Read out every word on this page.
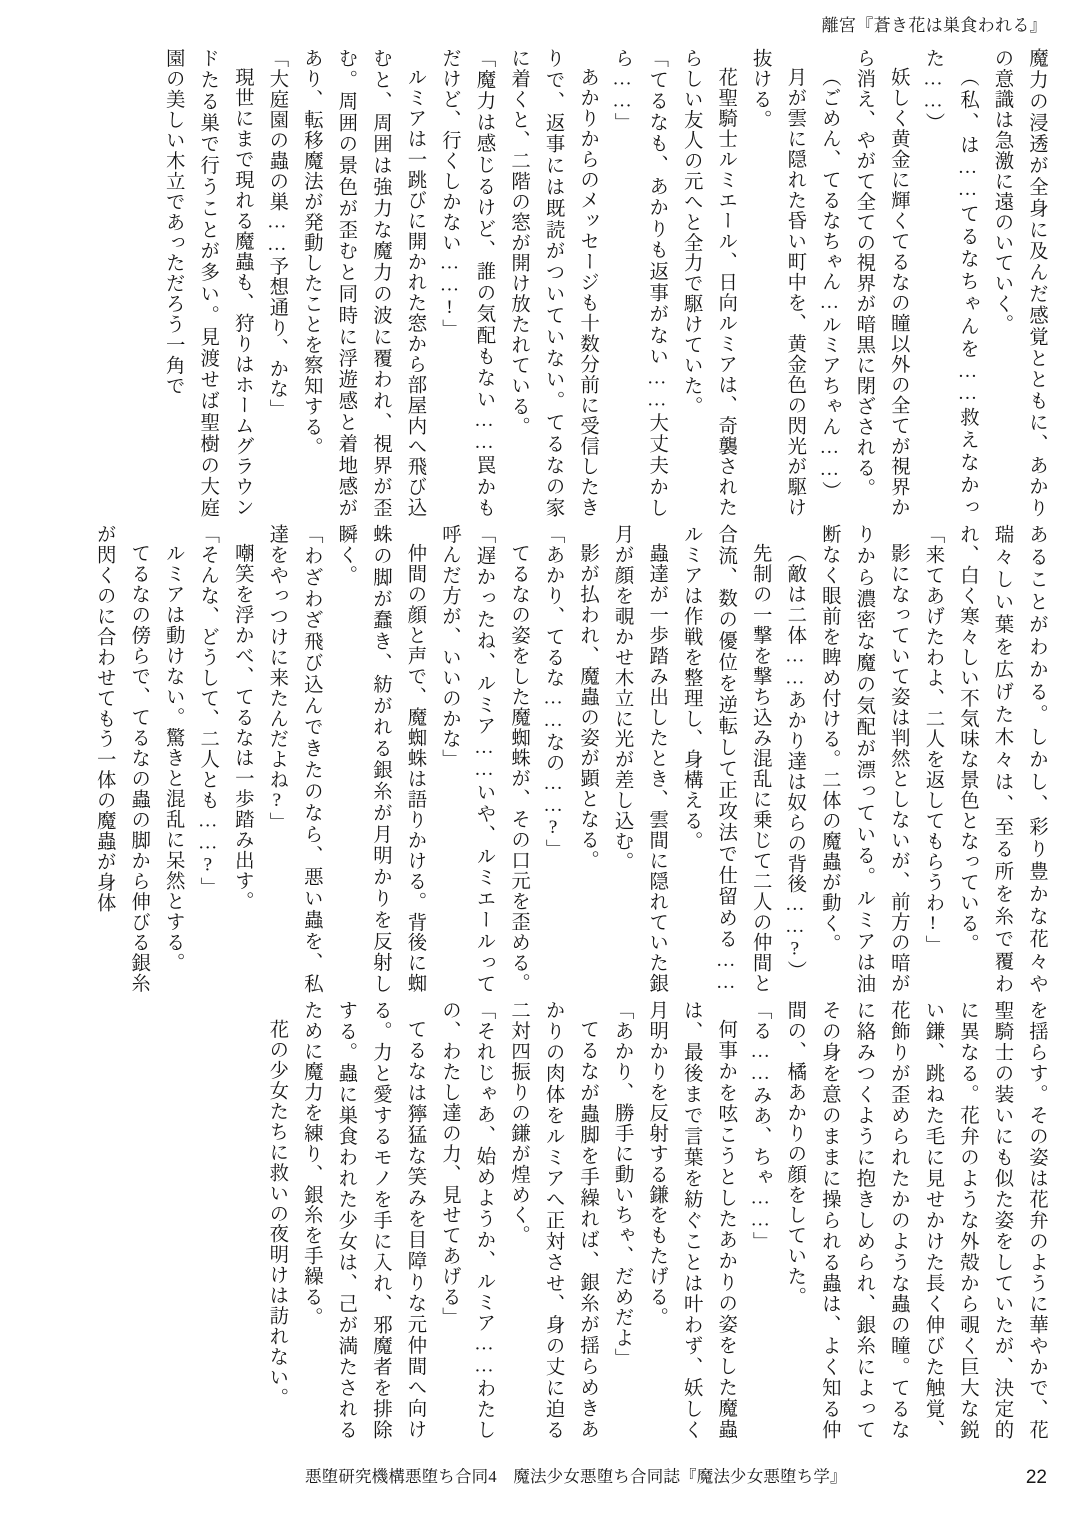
離宮『蒼き花は巣食われる』

魔力の浸透が全身に及んだ感覚とともに、あかりの意識は急激に遠のいていく。

（私、は……てるなちゃんを……救えなかった……）

妖しく黄金に輝くてるなの瞳以外の全てが視界から消え、やがて全ての視界が暗黒に閉ざされる。

（ごめん、てるなちゃん…ルミアちゃん……）

月が雲に隠れた昏い町中を、黄金色の閃光が駆け抜ける。

花聖騎士ルミエール、日向ルミアは、奇襲されたらしい友人の元へと全力で駆けていた。

「てるなも、あかりも返事がない……大丈夫かしら……」

あかりからのメッセージも十数分前に受信したきりで、返事には既読がついていない。てるなの家に着くと、二階の窓が開け放たれている。

「魔力は感じるけど、誰の気配もない……罠かもだけど、行くしかない……!」

ルミアは一跳びに開かれた窓から部屋内へ飛び込むと、周囲は強力な魔力の波に覆われ、視界が歪む。周囲の景色が歪むと同時に浮遊感と着地感があり、転移魔法が発動したことを察知する。

「大庭園の蟲の巣……予想通り、かな」

現世にまで現れる魔蟲も、狩りはホームグラウンドたる巣で行うことが多い。見渡せば聖樹の大庭園の美しい木立であっただろう一角で

あることがわかる。しかし、彩り豊かな花々や瑞々しい葉を広げた木々は、至る所を糸で覆われ、白く寒々しい不気味な景色となっている。

「来てあげたわよ、二人を返してもらうわ!」

影になっていて姿は判然としないが、前方の暗がりから濃密な魔の気配が漂っている。ルミアは油断なく眼前を睥め付ける。二体の魔蟲が動く。

（敵は二体……あかり達は奴らの背後……?）

先制の一撃を撃ち込み混乱に乗じて二人の仲間と合流、数の優位を逆転して正攻法で仕留める……ルミアは作戦を整理し、身構える。

蟲達が一歩踏み出したとき、雲間に隠れていた銀月が顔を覗かせ木立に光が差し込む。

影が払われ、魔蟲の姿が顕となる。

「あかり、てるな……なの……?」

てるなの姿をした魔蜘蛛が、その口元を歪める。

「遅かったね、ルミア……いや、ルミエールって呼んだ方が、いいのかな」

仲間の顔と声で、魔蜘蛛は語りかける。背後に蜘蛛の脚が蠢き、紡がれる銀糸が月明かりを反射し瞬く。

「わざわざ飛び込んできたのなら、悪い蟲を、私達をやっつけに来たんだよね?」

嘲笑を浮かべ、てるなは一歩踏み出す。

「そんな、どうして、二人とも……?」

ルミアは動けない。驚きと混乱に呆然とする。

てるなの傍らで、てるなの蟲の脚から伸びる銀糸が閃くのに合わせてもう一体の魔蟲が身体

を揺らす。その姿は花弁のように華やかで、花聖騎士の装いにも似た姿をしていたが、決定的に異なる。花弁のような外殻から覗く巨大な鋭い鎌、跳ねた毛に見せかけた長く伸びた触覚、花飾りが歪められたかのような蟲の瞳。てるなに絡みつくように抱きしめられ、銀糸によってその身を意のままに操られる蟲は、よく知る仲間の、橘あかりの顔をしていた。

「る……みあ、ちゃ……」

何事かを呟こうとしたあかりの姿をした魔蟲は、最後まで言葉を紡ぐことは叶わず、妖しく月明かりを反射する鎌をもたげる。

「あかり、勝手に動いちゃ、だめだよ」

てるなが蟲脚を手繰れば、銀糸が揺らめきあかりの肉体をルミアへ正対させ、身の丈に迫る二対四振りの鎌が煌めく。

「それじゃあ、始めようか、ルミア……わたしの、わたし達の力、見せてあげる」

てるなは獰猛な笑みを目障りな元仲間へ向ける。力と愛するモノを手に入れ、邪魔者を排除する。蟲に巣食われた少女は、己が満たされるために魔力を練り、銀糸を手繰る。

花の少女たちに救いの夜明けは訪れない。

悪堕研究機構悪堕ち合同4　魔法少女悪堕ち合同誌『魔法少女悪堕ち学』	22
